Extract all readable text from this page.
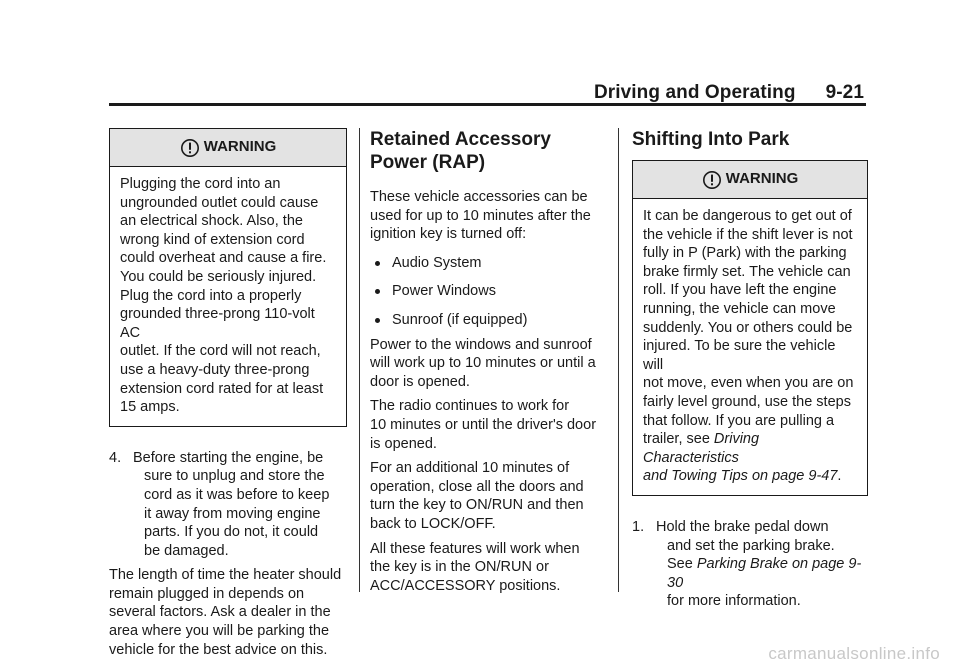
Driving and Operating 9-21
WARNING
Plugging the cord into an
ungrounded outlet could cause
an electrical shock. Also, the
wrong kind of extension cord
could overheat and cause a fire.
You could be seriously injured.
Plug the cord into a properly
grounded three-prong 110-volt AC
outlet. If the cord will not reach,
use a heavy-duty three-prong
extension cord rated for at least
15 amps.
4. Before starting the engine, be
sure to unplug and store the
cord as it was before to keep
it away from moving engine
parts. If you do not, it could
be damaged.

The length of time the heater should
remain plugged in depends on
several factors. Ask a dealer in the
area where you will be parking the
vehicle for the best advice on this.

Retained Accessory
Power (RAP)

These vehicle accessories can be
used for up to 10 minutes after the
ignition key is turned off:

Audio System
Power Windows
Sunroof (if equipped)

Power to the windows and sunroof
will work up to 10 minutes or until a
door is opened.

The radio continues to work for
10 minutes or until the driver's door
is opened.

For an additional 10 minutes of
operation, close all the doors and
turn the key to ON/RUN and then
back to LOCK/OFF.

All these features will work when
the key is in the ON/RUN or
ACC/ACCESSORY positions.

Shifting Into Park
WARNING
It can be dangerous to get out of
the vehicle if the shift lever is not
fully in P (Park) with the parking
brake firmly set. The vehicle can
roll. If you have left the engine
running, the vehicle can move
suddenly. You or others could be
injured. To be sure the vehicle will
not move, even when you are on
fairly level ground, use the steps
that follow. If you are pulling a
trailer, see Driving Characteristics
and Towing Tips on page 9-47.
1. Hold the brake pedal down
and set the parking brake.
See Parking Brake on page 9-30
for more information.
carmanualsonline.info
